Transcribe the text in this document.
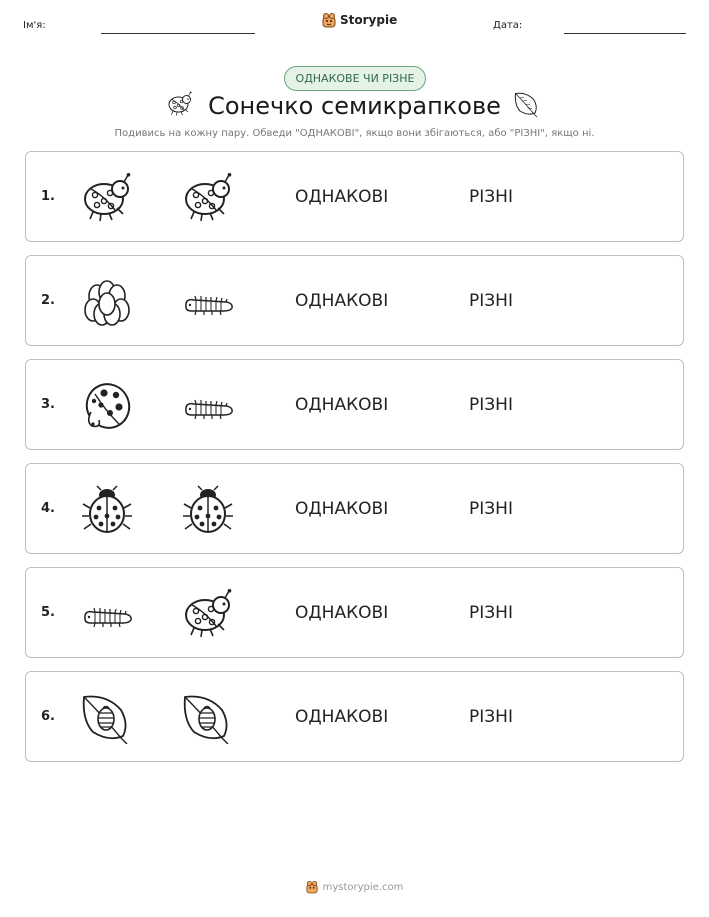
Ім'я:	Storypie	Дата:
ОДНАКОВЕ ЧИ РІЗНЕ
Сонечко семикрапкове
Подивись на кожну пару. Обведи "ОДНАКОВІ", якщо вони збігаються, або "РІЗНІ", якщо ні.
1.	ОДНАКОВІ	РІЗНІ
2.	ОДНАКОВІ	РІЗНІ
3.	ОДНАКОВІ	РІЗНІ
4.	ОДНАКОВІ	РІЗНІ
5.	ОДНАКОВІ	РІЗНІ
6.	ОДНАКОВІ	РІЗНІ
mystorypie.com
